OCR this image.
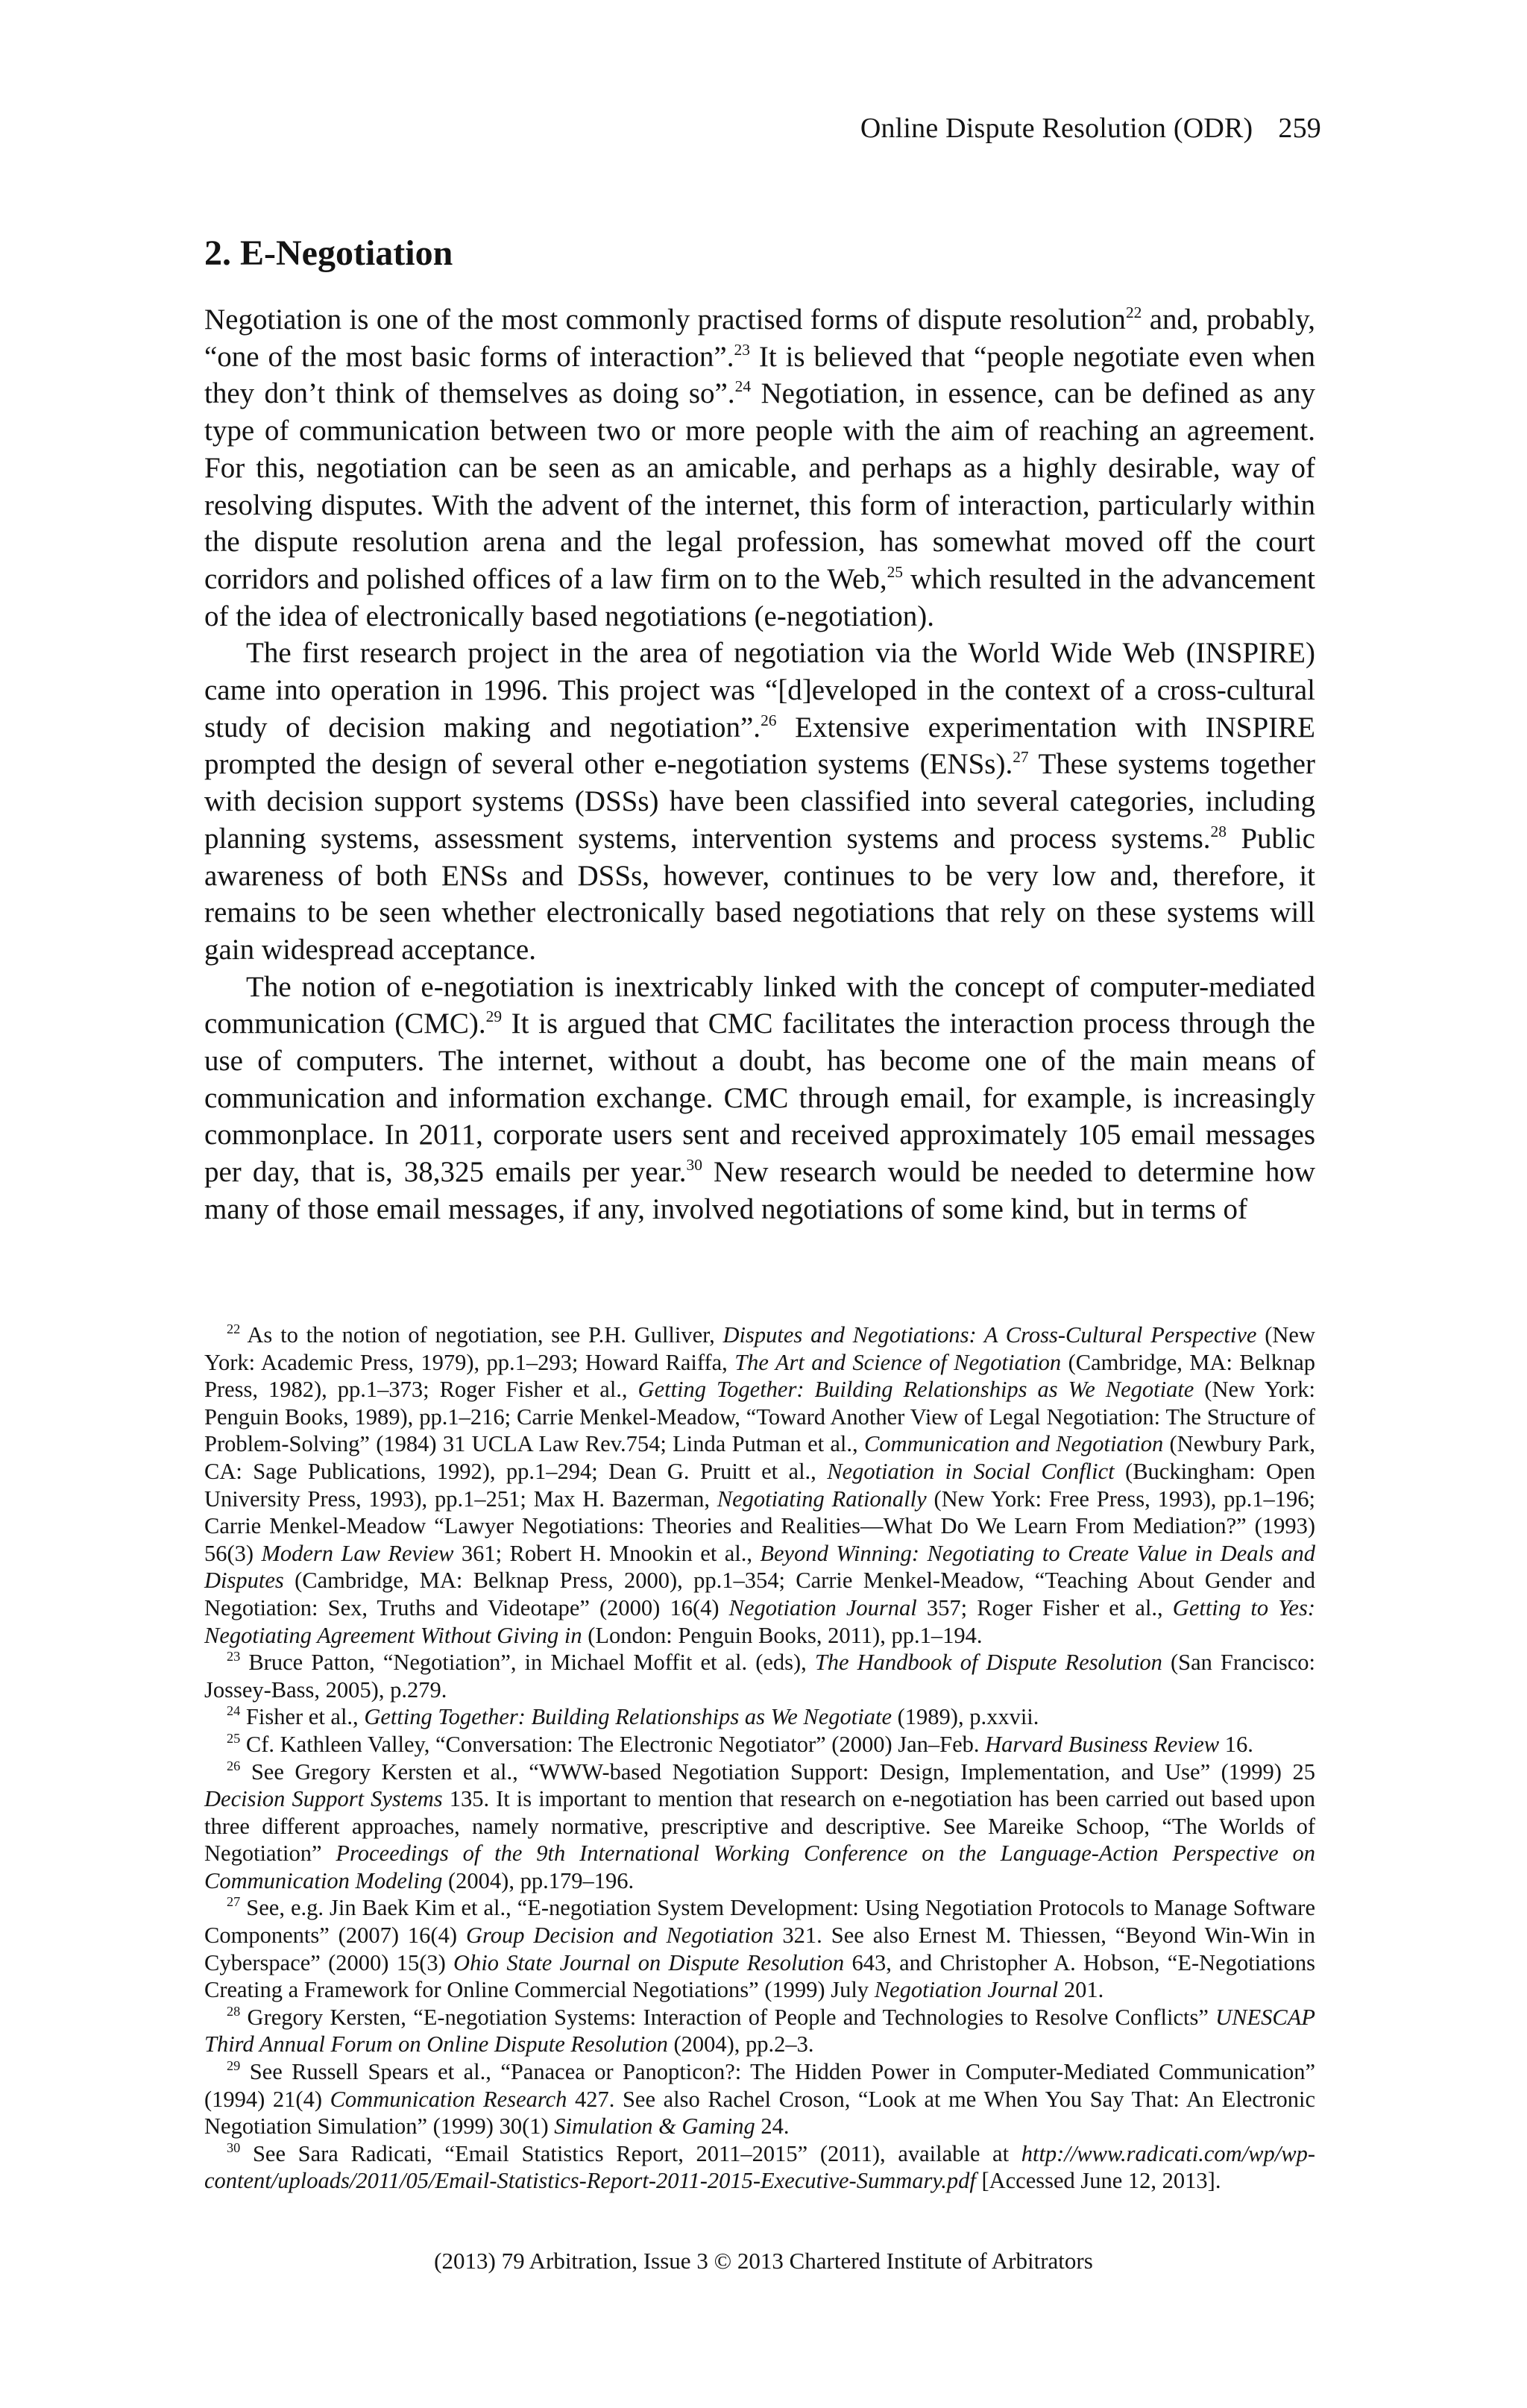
Online Dispute Resolution (ODR) 259
2. E-Negotiation

Negotiation is one of the most commonly practised forms of dispute resolution$^{22}$ and, probably, “one of the most basic forms of interaction”.$^{23}$ It is believed that “people negotiate even when they don’t think of themselves as doing so”.$^{24}$ Negotiation, in essence, can be defined as any type of communication between two or more people with the aim of reaching an agreement. For this, negotiation can be seen as an amicable, and perhaps as a highly desirable, way of resolving disputes. With the advent of the internet, this form of interaction, particularly within the dispute resolution arena and the legal profession, has somewhat moved off the court corridors and polished offices of a law firm on to the Web,$^{25}$ which resulted in the advancement of the idea of electronically based negotiations (e-negotiation).

The first research project in the area of negotiation via the World Wide Web (INSPIRE) came into operation in 1996. This project was “[d]eveloped in the context of a cross-cultural study of decision making and negotiation”.$^{26}$ Extensive experimentation with INSPIRE prompted the design of several other e-negotiation systems (ENSs).$^{27}$ These systems together with decision support systems (DSSs) have been classified into several categories, including planning systems, assessment systems, intervention systems and process systems.$^{28}$ Public awareness of both ENSs and DSSs, however, continues to be very low and, therefore, it remains to be seen whether electronically based negotiations that rely on these systems will gain widespread acceptance.

The notion of e-negotiation is inextricably linked with the concept of computer-mediated communication (CMC).$^{29}$ It is argued that CMC facilitates the interaction process through the use of computers. The internet, without a doubt, has become one of the main means of communication and information exchange. CMC through email, for example, is increasingly commonplace. In 2011, corporate users sent and received approximately 105 email messages per day, that is, 38,325 emails per year.$^{30}$ New research would be needed to determine how many of those email messages, if any, involved negotiations of some kind, but in terms of

$^{22}$ As to the notion of negotiation, see P.H. Gulliver, Disputes and Negotiations: A Cross-Cultural Perspective (New York: Academic Press, 1979), pp.1–293; Howard Raiffa, The Art and Science of Negotiation (Cambridge, MA: Belknap Press, 1982), pp.1–373; Roger Fisher et al., Getting Together: Building Relationships as We Negotiate (New York: Penguin Books, 1989), pp.1–216; Carrie Menkel-Meadow, “Toward Another View of Legal Negotiation: The Structure of Problem-Solving” (1984) 31 UCLA Law Rev.754; Linda Putman et al., Communication and Negotiation (Newbury Park, CA: Sage Publications, 1992), pp.1–294; Dean G. Pruitt et al., Negotiation in Social Conflict (Buckingham: Open University Press, 1993), pp.1–251; Max H. Bazerman, Negotiating Rationally (New York: Free Press, 1993), pp.1–196; Carrie Menkel-Meadow “Lawyer Negotiations: Theories and Realities—What Do We Learn From Mediation?” (1993) 56(3) Modern Law Review 361; Robert H. Mnookin et al., Beyond Winning: Negotiating to Create Value in Deals and Disputes (Cambridge, MA: Belknap Press, 2000), pp.1–354; Carrie Menkel-Meadow, “Teaching About Gender and Negotiation: Sex, Truths and Videotape” (2000) 16(4) Negotiation Journal 357; Roger Fisher et al., Getting to Yes: Negotiating Agreement Without Giving in (London: Penguin Books, 2011), pp.1–194.

$^{23}$ Bruce Patton, “Negotiation”, in Michael Moffit et al. (eds), The Handbook of Dispute Resolution (San Francisco: Jossey-Bass, 2005), p.279.

$^{24}$ Fisher et al., Getting Together: Building Relationships as We Negotiate (1989), p.xxvii.

$^{25}$ Cf. Kathleen Valley, “Conversation: The Electronic Negotiator” (2000) Jan–Feb. Harvard Business Review 16.

$^{26}$ See Gregory Kersten et al., “WWW-based Negotiation Support: Design, Implementation, and Use” (1999) 25 Decision Support Systems 135. It is important to mention that research on e-negotiation has been carried out based upon three different approaches, namely normative, prescriptive and descriptive. See Mareike Schoop, “The Worlds of Negotiation” Proceedings of the 9th International Working Conference on the Language-Action Perspective on Communication Modeling (2004), pp.179–196.

$^{27}$ See, e.g. Jin Baek Kim et al., “E-negotiation System Development: Using Negotiation Protocols to Manage Software Components” (2007) 16(4) Group Decision and Negotiation 321. See also Ernest M. Thiessen, “Beyond Win-Win in Cyberspace” (2000) 15(3) Ohio State Journal on Dispute Resolution 643, and Christopher A. Hobson, “E-Negotiations Creating a Framework for Online Commercial Negotiations” (1999) July Negotiation Journal 201.

$^{28}$ Gregory Kersten, “E-negotiation Systems: Interaction of People and Technologies to Resolve Conflicts” UNESCAP Third Annual Forum on Online Dispute Resolution (2004), pp.2–3.

$^{29}$ See Russell Spears et al., “Panacea or Panopticon?: The Hidden Power in Computer-Mediated Communication” (1994) 21(4) Communication Research 427. See also Rachel Croson, “Look at me When You Say That: An Electronic Negotiation Simulation” (1999) 30(1) Simulation & Gaming 24.

$^{30}$ See Sara Radicati, “Email Statistics Report, 2011–2015” (2011), available at http://www.radicati.com/wp/wp-content/uploads/2011/05/Email-Statistics-Report-2011-2015-Executive-Summary.pdf [Accessed June 12, 2013].

(2013) 79 Arbitration, Issue 3 © 2013 Chartered Institute of Arbitrators
